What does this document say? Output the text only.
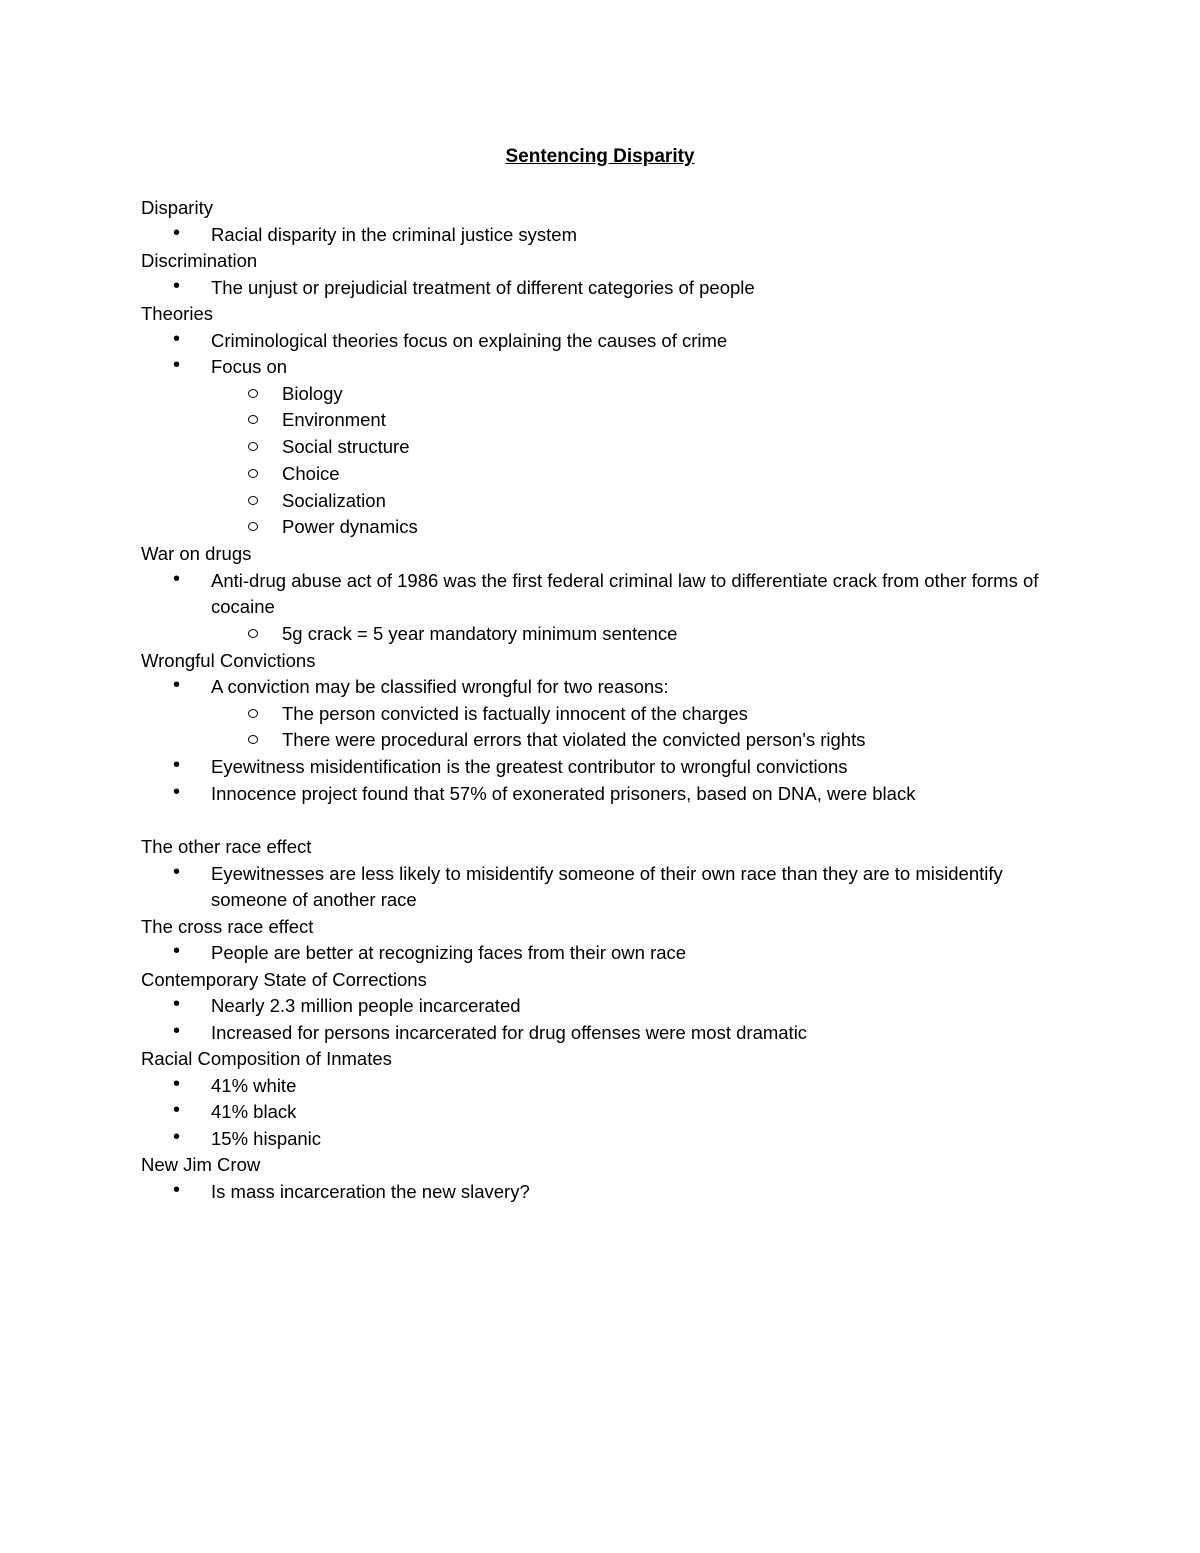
Sentencing Disparity
Disparity
•	Racial disparity in the criminal justice system
Discrimination
•	The unjust or prejudicial treatment of different categories of people
Theories
•	Criminological theories focus on explaining the causes of crime
•	Focus on
Biology
Environment
Social structure
Choice
Socialization
Power dynamics
War on drugs
•	Anti-drug abuse act of 1986 was the first federal criminal law to differentiate crack from other forms of cocaine
5g crack = 5 year mandatory minimum sentence
Wrongful Convictions
•	A conviction may be classified wrongful for two reasons:
The person convicted is factually innocent of the charges
There were procedural errors that violated the convicted person's rights
•	Eyewitness misidentification is the greatest contributor to wrongful convictions
•	Innocence project found that 57% of exonerated prisoners, based on DNA, were black
The other race effect
•	Eyewitnesses are less likely to misidentify someone of their own race than they are to misidentify someone of another race
The cross race effect
•	People are better at recognizing faces from their own race
Contemporary State of Corrections
•	Nearly 2.3 million people incarcerated
•	Increased for persons incarcerated for drug offenses were most dramatic
Racial Composition of Inmates
•	41% white
•	41% black
•	15% hispanic
New Jim Crow
•	Is mass incarceration the new slavery?
